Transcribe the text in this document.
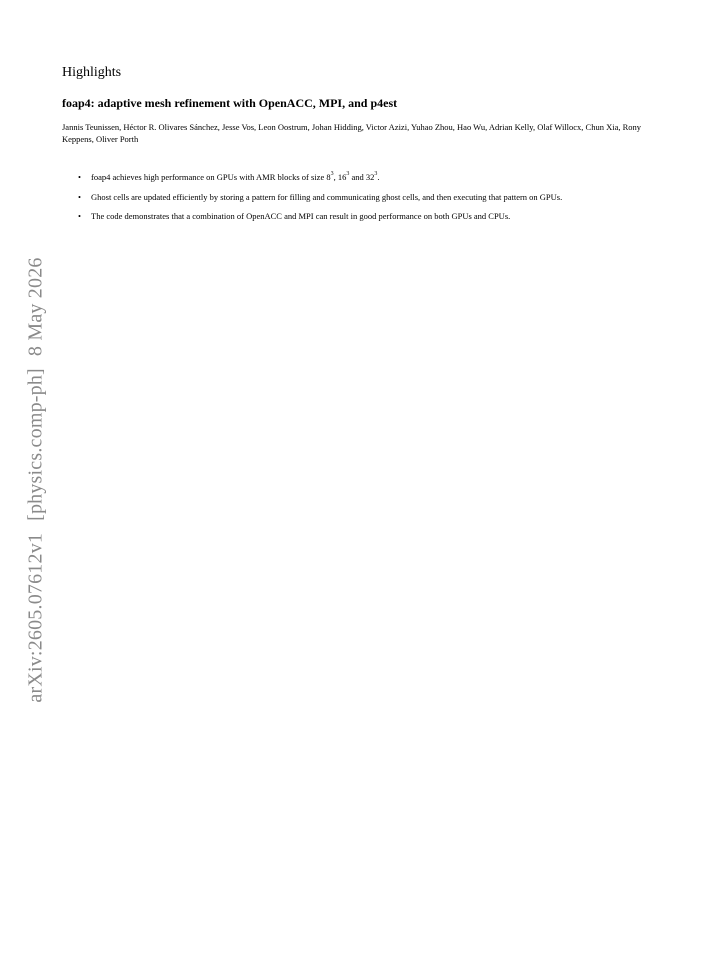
arXiv:2605.07612v1[physics.comp-ph]8 May 2026
Highlights
foap4: adaptive mesh refinement with OpenACC, MPI, and p4est

Jannis Teunissen, Héctor R. Olivares Sánchez, Jesse Vos, Leon Oostrum, Johan Hidding, Victor Azizi, Yuhao Zhou, Hao Wu, Adrian Kelly, Olaf Willocx, Chun Xia, Rony Keppens, Oliver Porth

• foap4 achieves high performance on GPUs with AMR blocks of size $8^3$, $16^3$ and $32^3$.
• Ghost cells are updated efficiently by storing a pattern for filling and communicating ghost cells, and then executing that pattern on GPUs.
• The code demonstrates that a combination of OpenACC and MPI can result in good performance on both GPUs and CPUs.
